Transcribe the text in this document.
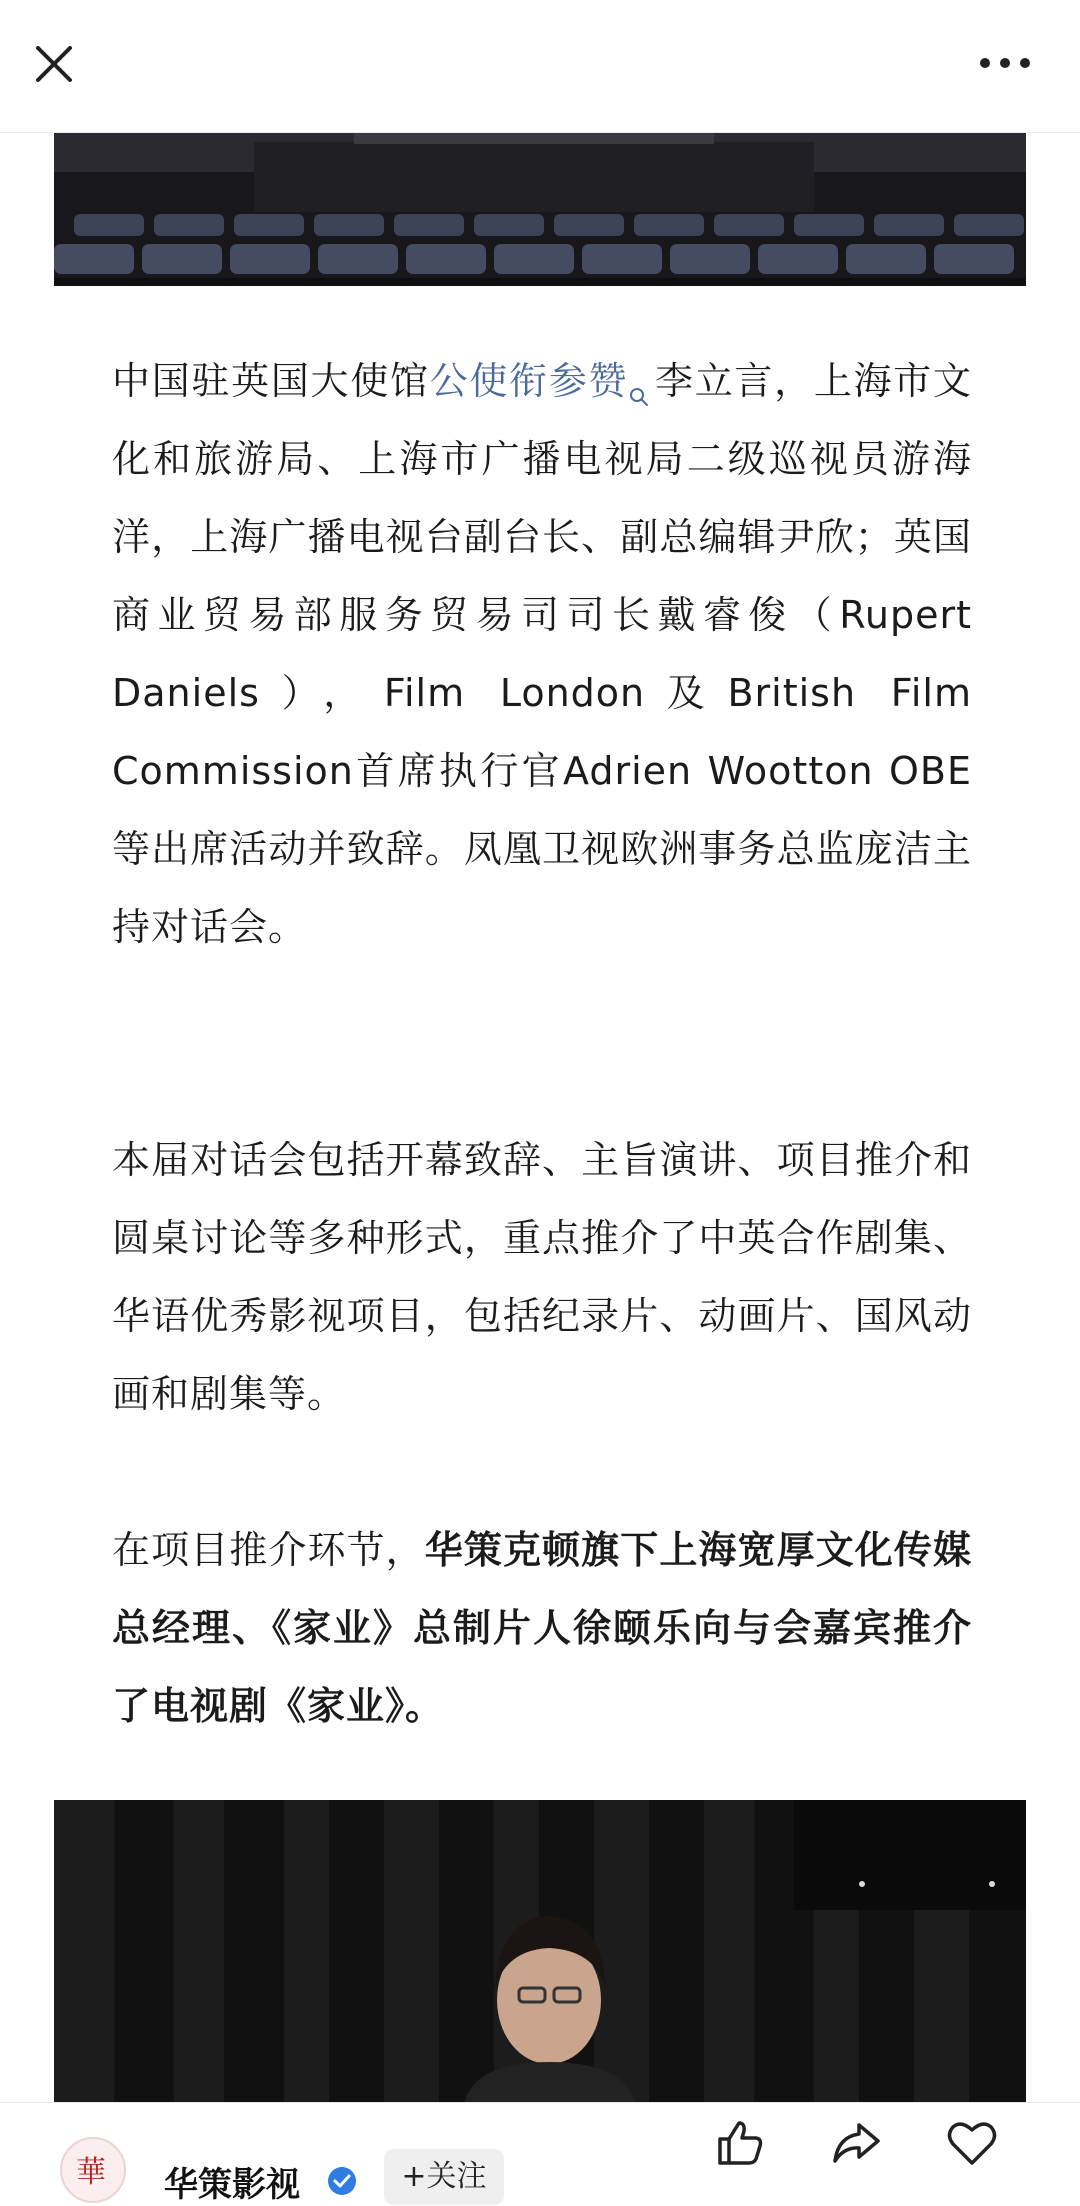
中国驻英国大使馆公使衔参赞 李立言，上海市文化和旅游局、上海市广播电视局二级巡视员游海洋，上海广播电视台副台长、副总编辑尹欣；英国商业贸易部服务贸易司司长戴睿俊（Rupert Daniels），Film London及British Film Commission首席执行官Adrien Wootton OBE等出席活动并致辞。凤凰卫视欧洲事务总监庞洁主持对话会。
本届对话会包括开幕致辞、主旨演讲、项目推介和圆桌讨论等多种形式，重点推介了中英合作剧集、华语优秀影视项目，包括纪录片、动画片、国风动画和剧集等。
在项目推介环节，华策克顿旗下上海宽厚文化传媒总经理、《家业》总制片人徐颐乐向与会嘉宾推介了电视剧《家业》。
華 华策影视	+关注
